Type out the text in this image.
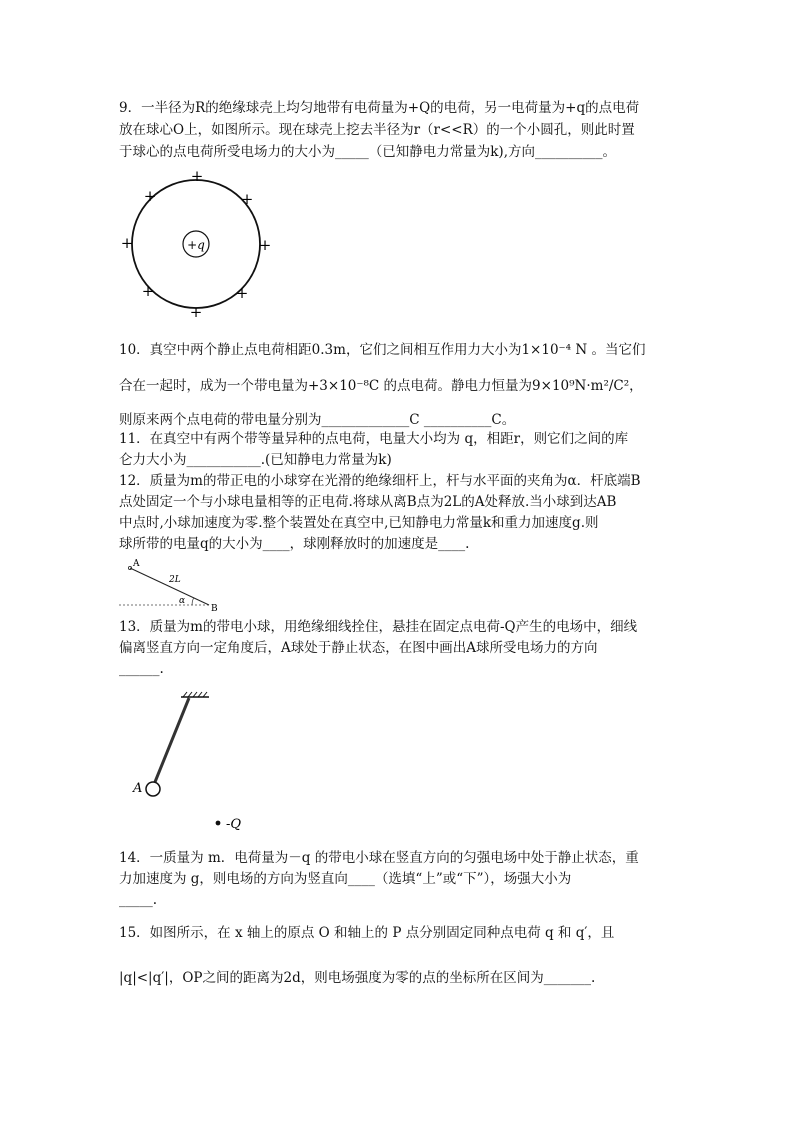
9．一半径为R的绝缘球壳上均匀地带有电荷量为+Q的电荷，另一电荷量为+q的点电荷
放在球心O上，如图所示。现在球壳上挖去半径为r（r<<R）的一个小圆孔，则此时置
于球心的点电荷所受电场力的大小为_____（已知静电力常量为k),方向__________。
+q
+
+	+
+	+
+	+
+
10．真空中两个静止点电荷相距0.3m，它们之间相互作用力大小为1×10⁻⁴ N 。当它们
合在一起时，成为一个带电量为+3×10⁻⁸C 的点电荷。静电力恒量为9×10⁹N·m²/C²，
则原来两个点电荷的带电量分别为_____________C __________C。
11．在真空中有两个带等量异种的点电荷，电量大小均为 q，相距r，则它们之间的库
仑力大小为___________.(已知静电力常量为k)
12．质量为m的带正电的小球穿在光滑的绝缘细杆上，杆与水平面的夹角为α．杆底端B
点处固定一个与小球电量相等的正电荷.将球从离B点为2L的A处释放.当小球到达AB
中点时,小球加速度为零.整个装置处在真空中,已知静电力常量k和重力加速度g.则
球所带的电量q的大小为____，球刚释放时的加速度是____.
A
B
2L
α
13．质量为m的带电小球，用绝缘细线拴住，悬挂在固定点电荷-Q产生的电场中，细线
偏离竖直方向一定角度后，A球处于静止状态，在图中画出A球所受电场力的方向
______.
A
-Q
14．一质量为 m．电荷量为－q 的带电小球在竖直方向的匀强电场中处于静止状态，重
力加速度为 g，则电场的方向为竖直向____（选填“上”或“下”），场强大小为
_____.
15．如图所示，在 x 轴上的原点 O 和轴上的 P 点分别固定同种点电荷 q 和 q′，且
|q|<|q′|，OP之间的距离为2d，则电场强度为零的点的坐标所在区间为_______.
